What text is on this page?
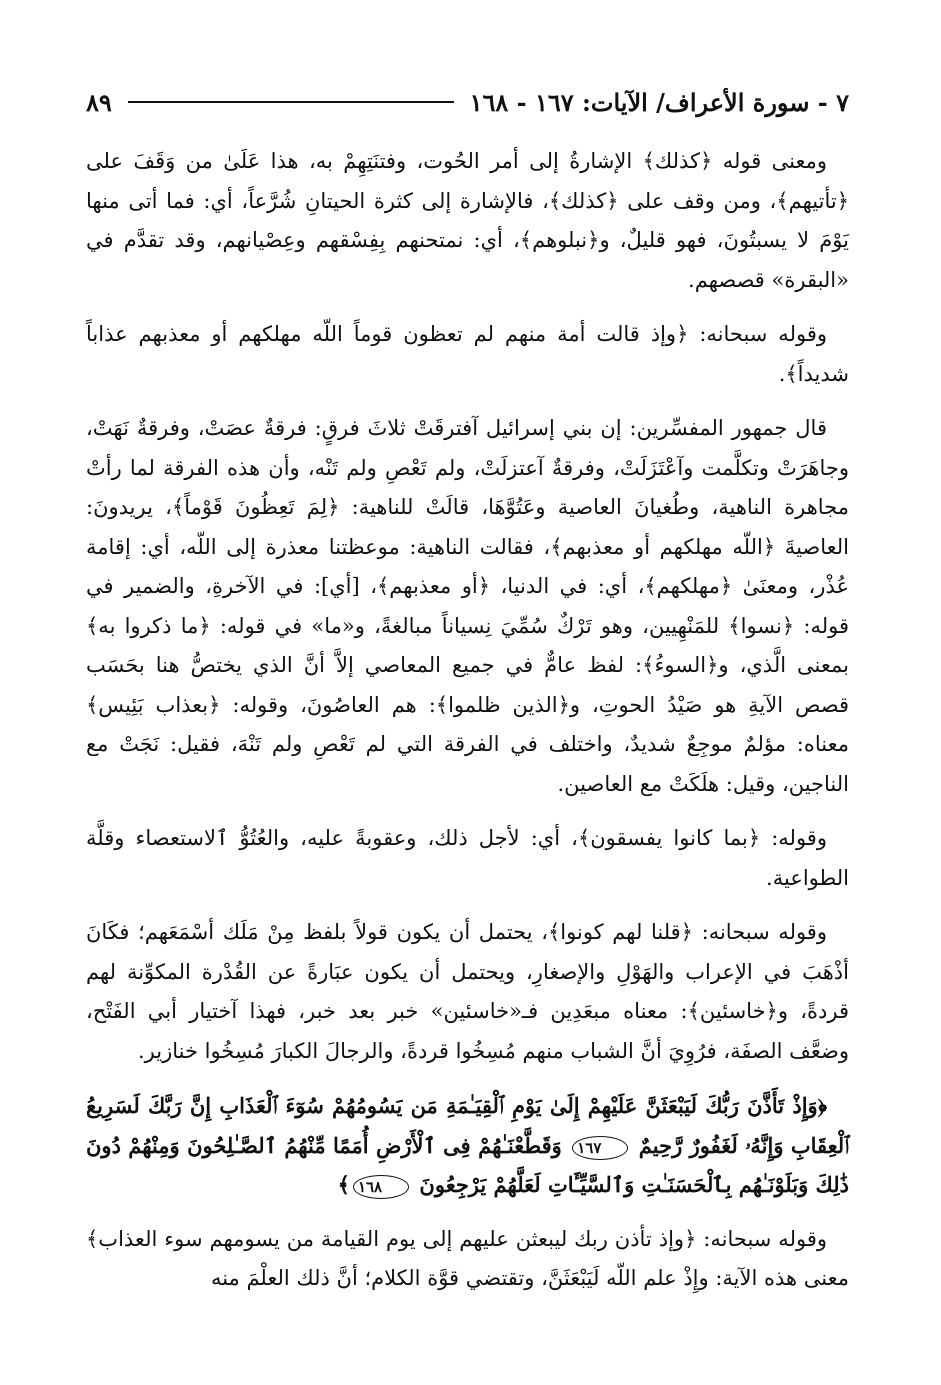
٧ - سورة الأعراف/ الآيات: ١٦٧ - ١٦٨
٨٩

ومعنى قوله ﴿كذلك﴾ الإشارةُ إلى أمر الحُوت، وفتنَتِهِمْ به، هذا عَلَىٰ من وَقَفَ على ﴿تأتيهم﴾، ومن وقف على ﴿كذلك﴾، فالإشارة إلى كثرة الحيتانِ شُرَّعاً، أي: فما أتى منها يَوْمَ لا يسبتُونَ، فهو قليلٌ، و﴿نبلوهم﴾، أي: نمتحنهم بِفِسْقهم وعِصْيانهم، وقد تقدَّم في «البقرة» قصصهم.

وقوله سبحانه: ﴿وإذ قالت أمة منهم لم تعظون قوماً اللّه مهلكهم أو معذبهم عذاباً شديداً﴾.

قال جمهور المفسِّرين: إن بني إسرائيل آفترقَتْ ثلاثَ فرقٍ: فرقةٌ عصَتْ، وفرقةٌ نَهَتْ، وجاهَرَتْ وتكلَّمت وآعْتَزَلَتْ، وفرقةٌ آعتزلَتْ، ولم تَعْصِ ولم تَنْه، وأن هذه الفرقة لما رأتْ مجاهرة الناهية، وطُغيانَ العاصية وعَتُوَّهَا، قالَتْ للناهية: ﴿لِمَ تَعِظُونَ قَوْماً﴾، يريدونَ: العاصيةَ ﴿اللّه مهلكهم أو معذبهم﴾، فقالت الناهية: موعظتنا معذرة إلى اللّه، أي: إقامة عُذْر، ومعنَىٰ ﴿مهلكهم﴾، أي: في الدنيا، ﴿أو معذبهم﴾، [أي]: في الآخرةِ، والضمير في قوله: ﴿نسوا﴾ للمَنْهِيين، وهو تَرْكٌ سُمِّيَ نِسياناً مبالغةً، و«ما» في قوله: ﴿ما ذكروا به﴾ بمعنى الَّذي، و﴿السوءُ﴾: لفظ عامٌّ في جميع المعاصي إلاَّ أنَّ الذي يختصُّ هنا بحَسَب قصص الآيةِ هو صَيْدُ الحوتِ، و﴿الذين ظلموا﴾: هم العاصُونَ، وقوله: ﴿بعذاب بَئِيس﴾ معناه: مؤلمٌ موجِعٌ شديدٌ، واختلف في الفرقة التي لم تَعْصِ ولم تَنْهَ، فقيل: نَجَتْ مع الناجين، وقيل: هلَكَتْ مع العاصين.

وقوله: ﴿بما كانوا يفسقون﴾، أي: لأجل ذلك، وعقوبةً عليه، والعُتُوُّ ٱلاستعصاء وقلَّة الطواعية.

وقوله سبحانه: ﴿قلنا لهم كونوا﴾، يحتمل أن يكون قولاً بلفظ مِنْ مَلَك أسْمَعَهم؛ فكَانَ أذْهَبَ في الإعراب والهَوْلِ والإصغارِ، ويحتمل أن يكون عبَارةً عن القُدْرة المكوِّنة لهم قردةً، و﴿خاسئين﴾: معناه مبعَدِين فـ«خاسئين» خبر بعد خبر، فهذا آختيار أبي الفَتْح، وضعَّف الصفَة، فرُوِيَ أنَّ الشباب منهم مُسِخُوا قردةً، والرجالَ الكبارَ مُسِخُوا خنازير.

﴿وَإِذْ تَأَذَّنَ رَبُّكَ لَيَبْعَثَنَّ عَلَيْهِمْ إِلَىٰ يَوْمِ ٱلْقِيَـٰمَةِ مَن يَسُومُهُمْ سُوٓءَ ٱلْعَذَابِ إِنَّ رَبَّكَ لَسَرِيعُ ٱلْعِقَابِ وَإِنَّهُۥ لَغَفُورٌ رَّحِيمٌ ١٦٧ وَقَطَّعْنَـٰهُمْ فِى ٱلْأَرْضِ أُمَمًا مِّنْهُمُ ٱلصَّـٰلِحُونَ وَمِنْهُمْ دُونَ ذَٰلِكَ وَبَلَوْنَـٰهُم بِٱلْحَسَنَـٰتِ وَٱلسَّيِّـَٔاتِ لَعَلَّهُمْ يَرْجِعُونَ ١٦٨﴾

وقوله سبحانه: ﴿وإذ تأذن ربك ليبعثن عليهم إلى يوم القيامة من يسومهم سوء العذاب﴾ معنى هذه الآية: وإِذْ علم اللّه لَيَبْعَثَنَّ، وتقتضي قوَّة الكلام؛ أنَّ ذلك العلْمَ منه
